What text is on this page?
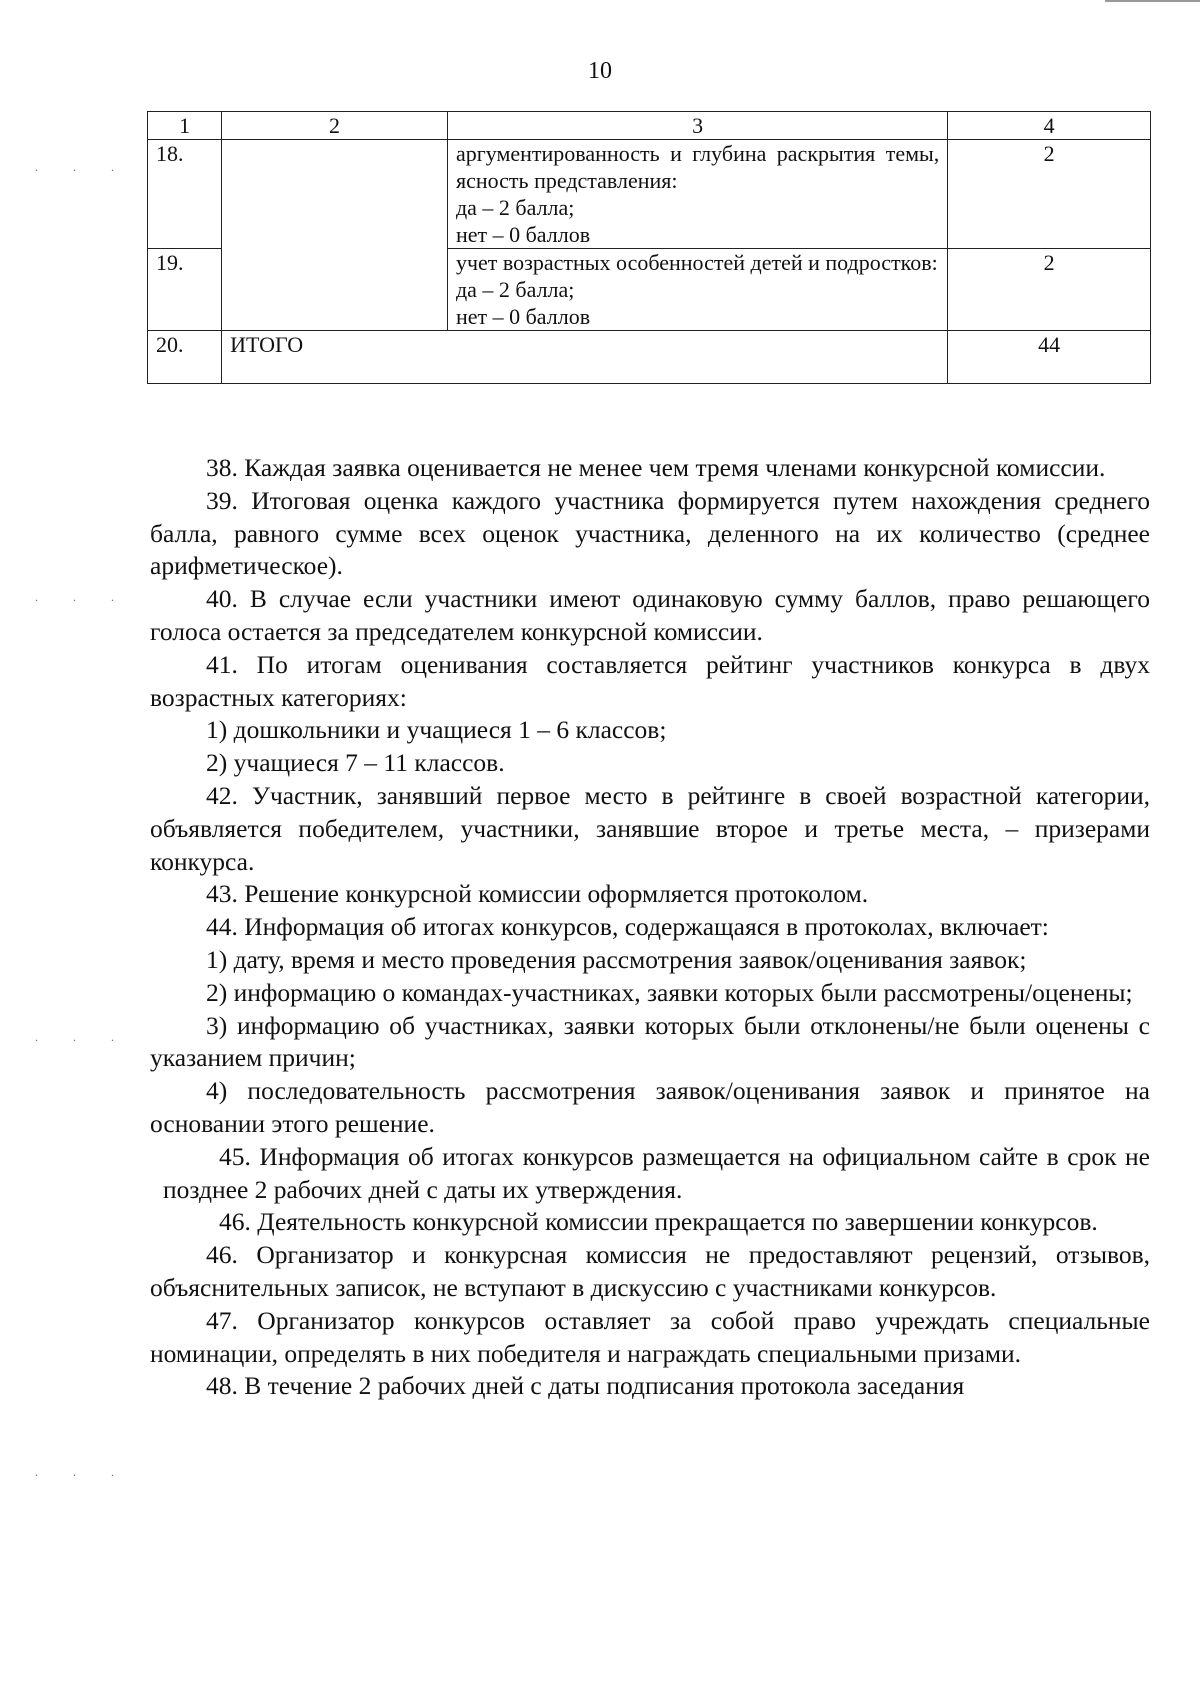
. . .
. . .
. . .
. . .
10
1	2	3	4
18.		аргументированность и глубина раскрытия темы, ясность представления:
да – 2 балла;
нет – 0 баллов	2
19.		учет возрастных особенностей детей и подростков:
да – 2 балла;
нет – 0 баллов	2
20.	ИТОГО		44

38. Каждая заявка оценивается не менее чем тремя членами конкурсной комиссии.

39. Итоговая оценка каждого участника формируется путем нахождения среднего балла, равного сумме всех оценок участника, деленного на их количество (среднее арифметическое).

40. В случае если участники имеют одинаковую сумму баллов, право решающего голоса остается за председателем конкурсной комиссии.

41. По итогам оценивания составляется рейтинг участников конкурса в двух возрастных категориях:

1) дошкольники и учащиеся 1 – 6 классов;

2) учащиеся 7 – 11 классов.

42. Участник, занявший первое место в рейтинге в своей возрастной категории, объявляется победителем, участники, занявшие второе и третье места, – призерами конкурса.

43. Решение конкурсной комиссии оформляется протоколом.

44. Информация об итогах конкурсов, содержащаяся в протоколах, включает:

1) дату, время и место проведения рассмотрения заявок/оценивания заявок;

2) информацию о командах-участниках, заявки которых были рассмотрены/оценены;

3) информацию об участниках, заявки которых были отклонены/не были оценены с указанием причин;

4) последовательность рассмотрения заявок/оценивания заявок и принятое на основании этого решение.

45. Информация об итогах конкурсов размещается на официальном сайте в срок не позднее 2 рабочих дней с даты их утверждения.

46. Деятельность конкурсной комиссии прекращается по завершении конкурсов.

46. Организатор и конкурсная комиссия не предоставляют рецензий, отзывов, объяснительных записок, не вступают в дискуссию с участниками конкурсов.

47. Организатор конкурсов оставляет за собой право учреждать специальные номинации, определять в них победителя и награждать специальными призами.

48. В течение 2 рабочих дней с даты подписания протокола заседания
